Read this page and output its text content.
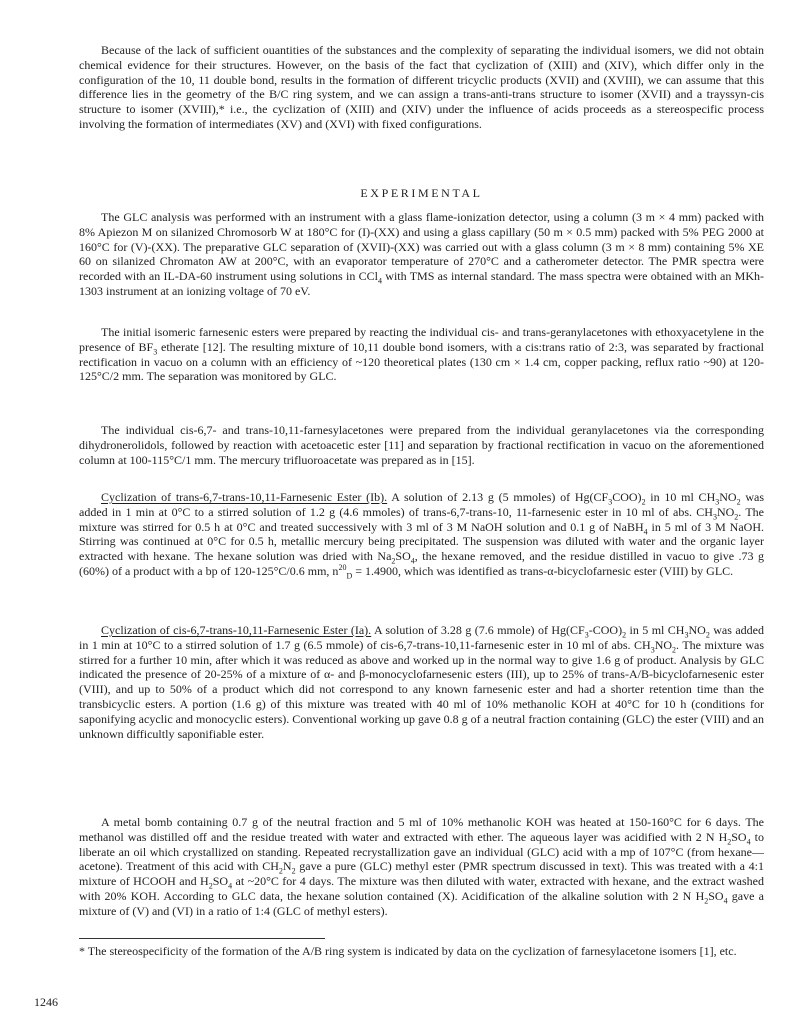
Because of the lack of sufficient ouantities of the substances and the complexity of separating the individual isomers, we did not obtain chemical evidence for their structures. However, on the basis of the fact that cyclization of (XIII) and (XIV), which differ only in the configuration of the 10, 11 double bond, results in the formation of different tricyclic products (XVII) and (XVIII), we can assume that this difference lies in the geometry of the B/C ring system, and we can assign a trans-anti-trans structure to isomer (XVII) and a trayssyn-cis structure to isomer (XVIII),* i.e., the cyclization of (XIII) and (XIV) under the influence of acids proceeds as a stereospecific process involving the formation of intermediates (XV) and (XVI) with fixed configurations.

EXPERIMENTAL

The GLC analysis was performed with an instrument with a glass flame-ionization detector, using a column (3 m × 4 mm) packed with 8% Apiezon M on silanized Chromosorb W at 180°C for (I)-(XX) and using a glass capillary (50 m × 0.5 mm) packed with 5% PEG 2000 at 160°C for (V)-(XX). The preparative GLC separation of (XVII)-(XX) was carried out with a glass column (3 m × 8 mm) containing 5% XE 60 on silanized Chromaton AW at 200°C, with an evaporator temperature of 270°C and a catherometer detector. The PMR spectra were recorded with an IL-DA-60 instrument using solutions in CCl$_4$ with TMS as internal standard. The mass spectra were obtained with an MKh-1303 instrument at an ionizing voltage of 70 eV.

The initial isomeric farnesenic esters were prepared by reacting the individual cis- and trans-geranylacetones with ethoxyacetylene in the presence of $BF_3$ etherate [12]. The resulting mixture of 10,11 double bond isomers, with a cis:trans ratio of 2:3, was separated by fractional rectification in vacuo on a column with an efficiency of ~120 theoretical plates (130 cm × 1.4 cm, copper packing, reflux ratio ~90) at 120-125°C/2 mm. The separation was monitored by GLC.

The individual cis-6,7- and trans-10,11-farnesylacetones were prepared from the individual geranylacetones via the corresponding dihydronerolidols, followed by reaction with acetoacetic ester [11] and separation by fractional rectification in vacuo on the aforementioned column at 100-115°C/1 mm. The mercury trifluoroacetate was prepared as in [15].

Cyclization of trans-6,7-trans-10,11-Farnesenic Ester (Ib). A solution of 2.13 g (5 mmoles) of $Hg(CF_3COO)_2$ in 10 ml $CH_3NO_2$ was added in 1 min at 0°C to a stirred solution of 1.2 g (4.6 mmoles) of trans-6,7-trans-10, 11-farnesenic ester in 10 ml of abs. $CH_3NO_2$. The mixture was stirred for 0.5 h at 0°C and treated successively with 3 ml of 3 M NaOH solution and 0.1 g of NaBH$_4$ in 5 ml of 3 M NaOH. Stirring was continued at 0°C for 0.5 h, metallic mercury being precipitated. The suspension was diluted with water and the organic layer extracted with hexane. The hexane solution was dried with $Na_2SO_4$, the hexane removed, and the residue distilled in vacuo to give .73 g (60%) of a product with a bp of 120-125°C/0.6 mm, $n^{20}_D = 1.4900$, which was identified as trans-α-bicyclofarnesic ester (VIII) by GLC.

Cyclization of cis-6,7-trans-10,11-Farnesenic Ester (Ia). A solution of 3.28 g (7.6 mmole) of $Hg(CF_3-COO)_2$ in 5 ml $CH_3NO_2$ was added in 1 min at 10°C to a stirred solution of 1.7 g (6.5 mmole) of cis-6,7-trans-10,11-farnesenic ester in 10 ml of abs. $CH_3NO_2$. The mixture was stirred for a further 10 min, after which it was reduced as above and worked up in the normal way to give 1.6 g of product. Analysis by GLC indicated the presence of 20-25% of a mixture of α- and β-monocyclofarnesenic esters (III), up to 25% of trans-A/B-bicyclofarnesenic ester (VIII), and up to 50% of a product which did not correspond to any known farnesenic ester and had a shorter retention time than the transbicyclic esters. A portion (1.6 g) of this mixture was treated with 40 ml of 10% methanolic KOH at 40°C for 10 h (conditions for saponifying acyclic and monocyclic esters). Conventional working up gave 0.8 g of a neutral fraction containing (GLC) the ester (VIII) and an unknown difficultly saponifiable ester.

A metal bomb containing 0.7 g of the neutral fraction and 5 ml of 10% methanolic KOH was heated at 150-160°C for 6 days. The methanol was distilled off and the residue treated with water and extracted with ether. The aqueous layer was acidified with 2 N $H_2SO_4$ to liberate an oil which crystallized on standing. Repeated recrystallization gave an individual (GLC) acid with a mp of 107°C (from hexane—acetone). Treatment of this acid with $CH_2N_2$ gave a pure (GLC) methyl ester (PMR spectrum discussed in text). This was treated with a 4:1 mixture of HCOOH and $H_2SO_4$ at ~20°C for 4 days. The mixture was then diluted with water, extracted with hexane, and the extract washed with 20% KOH. According to GLC data, the hexane solution contained (X). Acidification of the alkaline solution with 2 N $H_2SO_4$ gave a mixture of (V) and (VI) in a ratio of 1:4 (GLC of methyl esters).

* The stereospecificity of the formation of the A/B ring system is indicated by data on the cyclization of farnesylacetone isomers [1], etc.

1246
